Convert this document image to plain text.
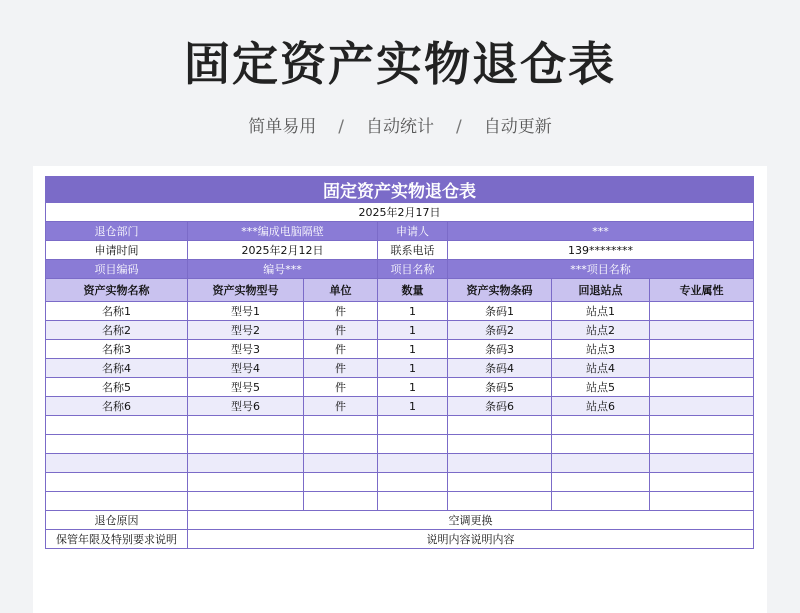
固定资产实物退仓表
简单易用 / 自动统计 / 自动更新
固定资产实物退仓表						
2025年2月17日						
退仓部门	***编成电脑隔壁		申请人	***		
申请时间	2025年2月12日		联系电话	139********		
项目编码	编号***		项目名称	***项目名称		
资产实物名称	资产实物型号	单位	数量	资产实物条码	回退站点	专业属性
名称1	型号1	件	1	条码1	站点1	
名称2	型号2	件	1	条码2	站点2	
名称3	型号3	件	1	条码3	站点3	
名称4	型号4	件	1	条码4	站点4	
名称5	型号5	件	1	条码5	站点5	
名称6	型号6	件	1	条码6	站点6	

退仓原因	空调更换					
保管年限及特别要求说明	说明内容说明内容					
